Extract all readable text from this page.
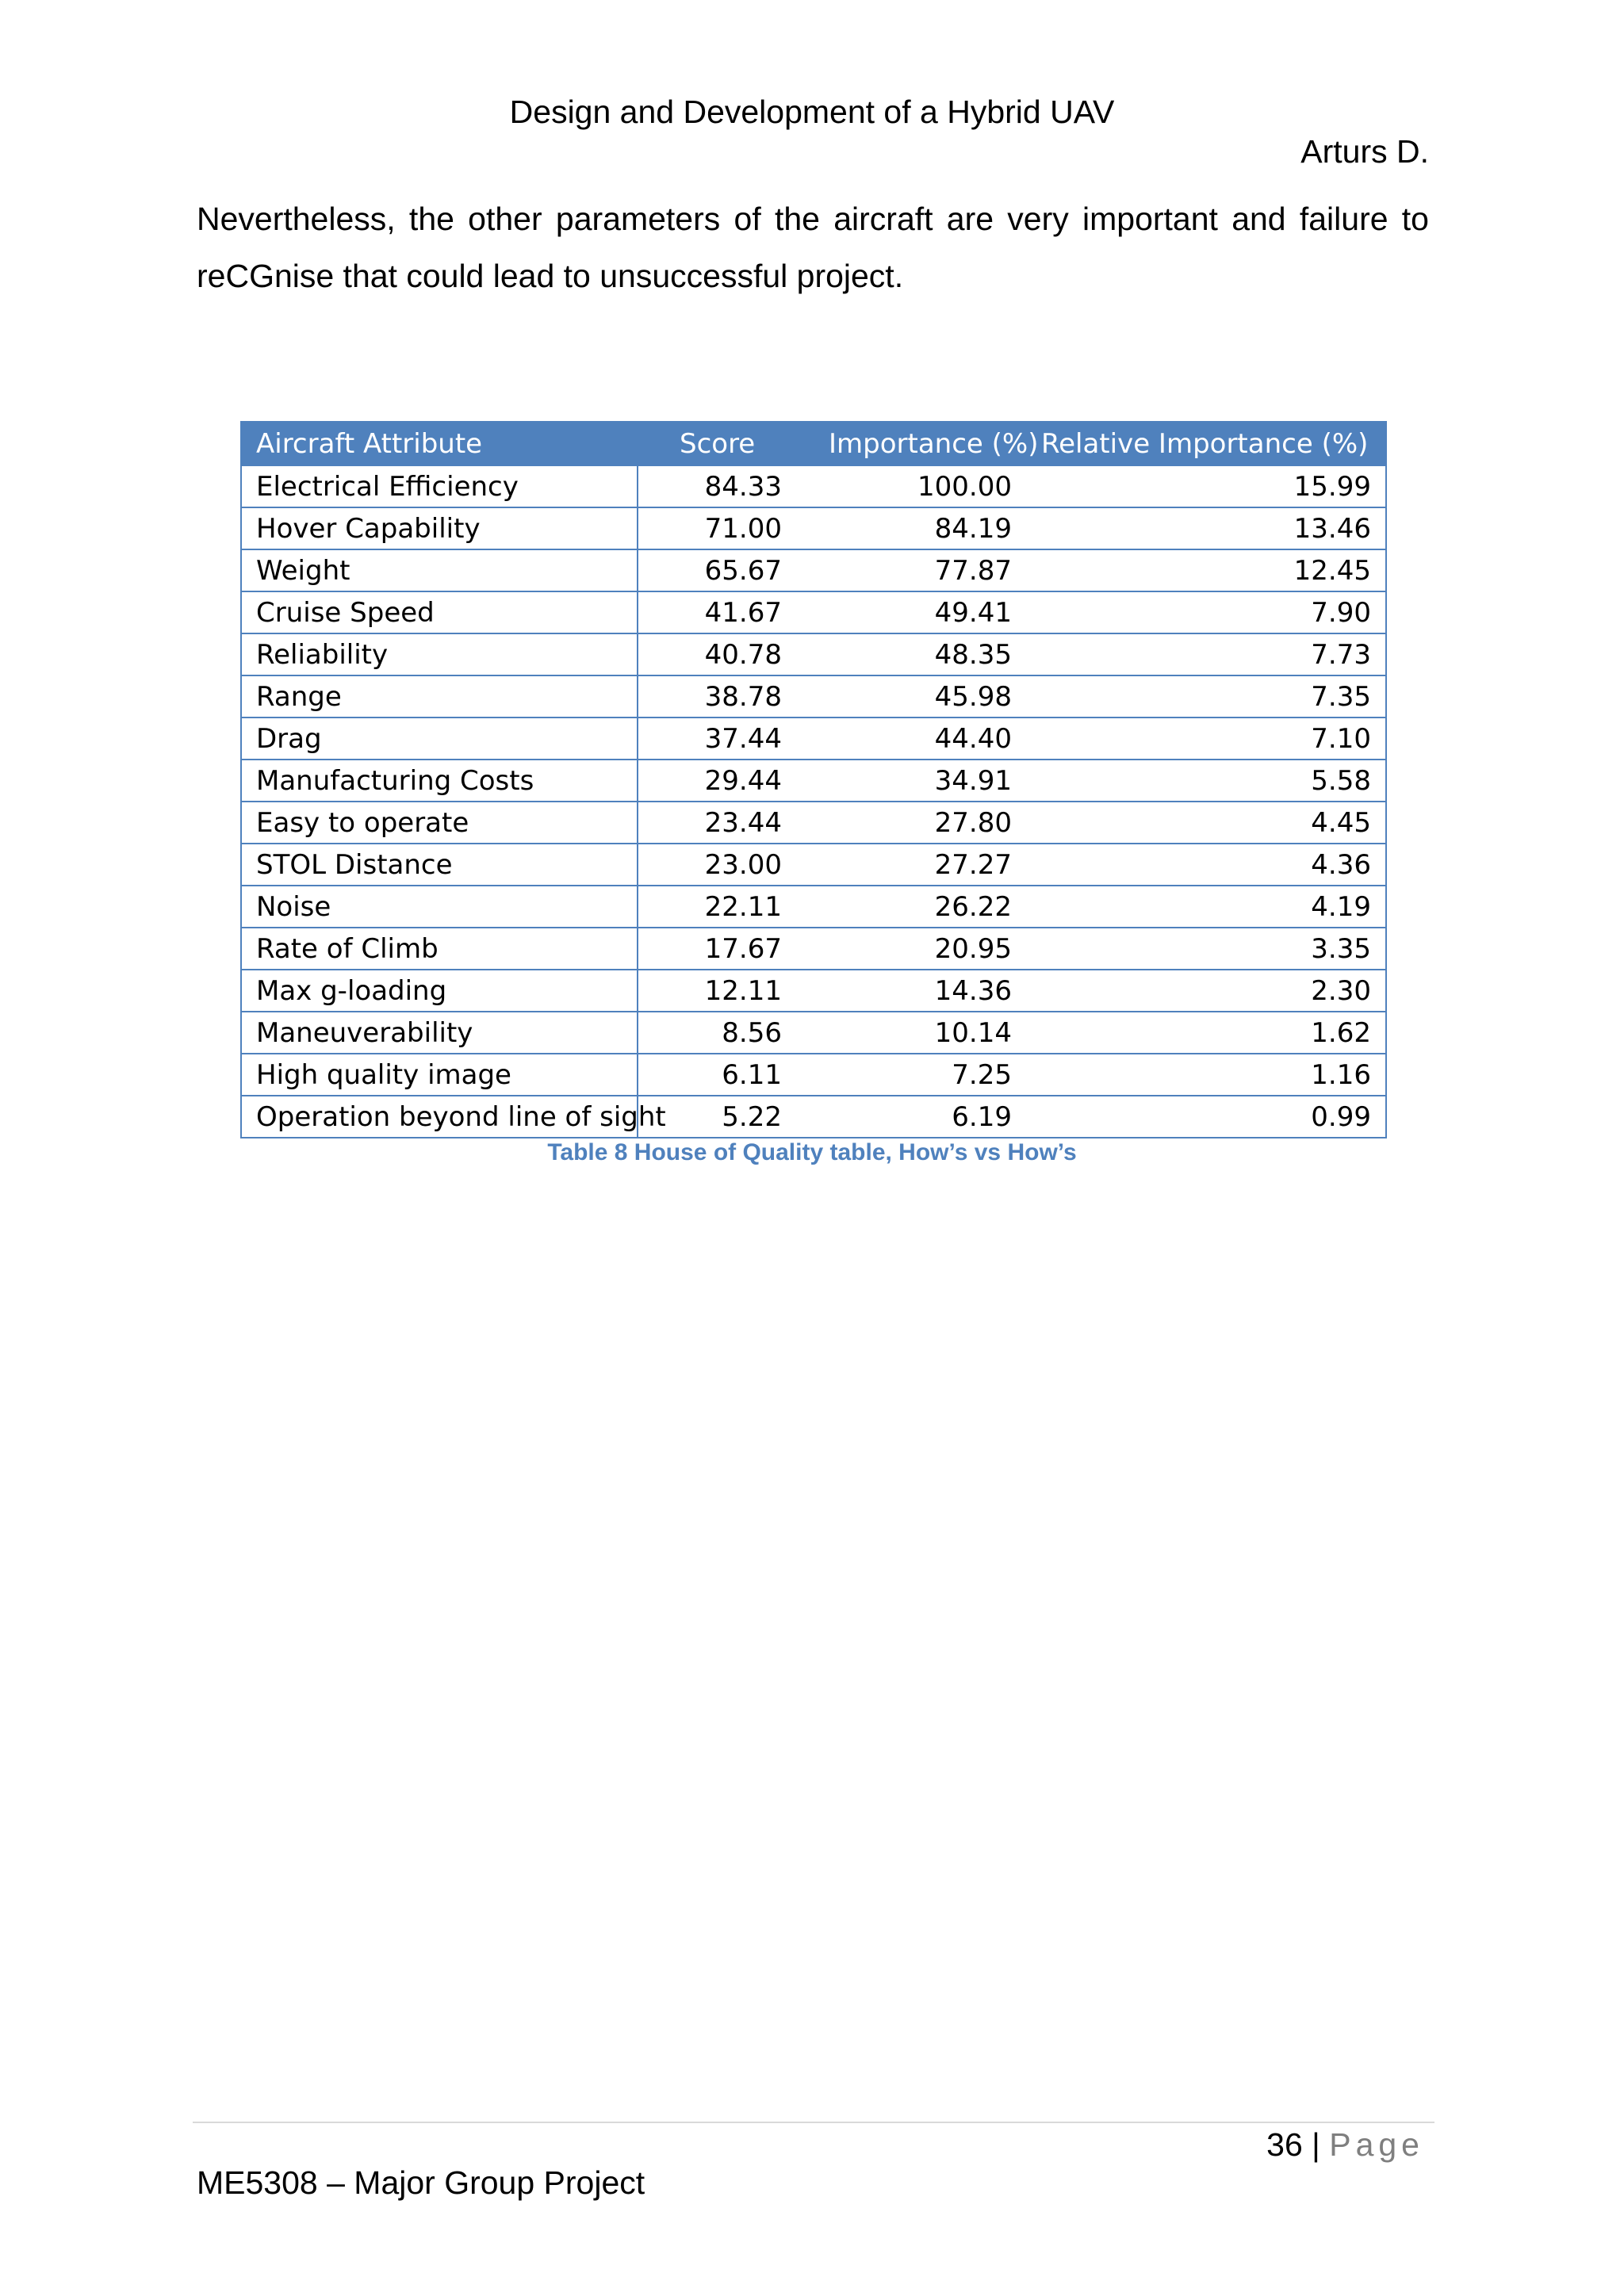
Design and Development of a Hybrid UAV
Arturs D.
Nevertheless, the other parameters of the aircraft are very important and failure to
reCGnise that could lead to unsuccessful project.
Aircraft Attribute	Score	Importance (%)	Relative Importance (%)
Electrical Efficiency	84.33	100.00	15.99
Hover Capability	71.00	84.19	13.46
Weight	65.67	77.87	12.45
Cruise Speed	41.67	49.41	7.90
Reliability	40.78	48.35	7.73
Range	38.78	45.98	7.35
Drag	37.44	44.40	7.10
Manufacturing Costs	29.44	34.91	5.58
Easy to operate	23.44	27.80	4.45
STOL Distance	23.00	27.27	4.36
Noise	22.11	26.22	4.19
Rate of Climb	17.67	20.95	3.35
Max g-loading	12.11	14.36	2.30
Maneuverability	8.56	10.14	1.62
High quality image	6.11	7.25	1.16
Operation beyond line of sight	5.22	6.19	0.99
Table 8 House of Quality table, How’s vs How’s
36 | Page
ME5308 – Major Group Project
